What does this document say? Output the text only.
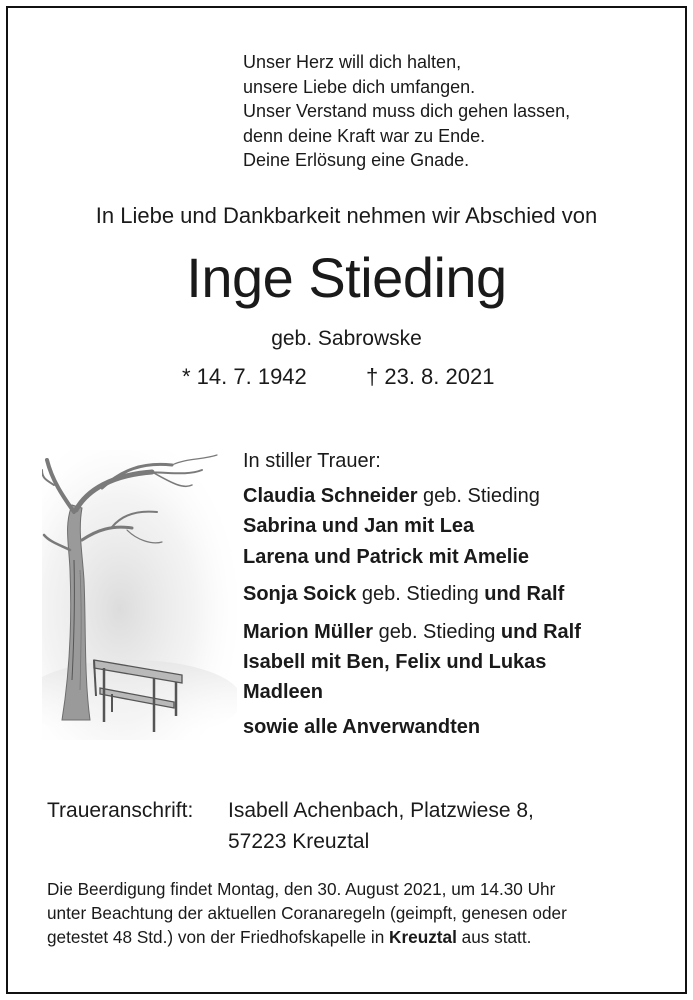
Unser Herz will dich halten,
unsere Liebe dich umfangen.
Unser Verstand muss dich gehen lassen,
denn deine Kraft war zu Ende.
Deine Erlösung eine Gnade.
In Liebe und Dankbarkeit nehmen wir Abschied von
Inge Stieding
geb. Sabrowske
* 14. 7. 1942	† 23. 8. 2021
In stiller Trauer:
Claudia Schneider geb. Stieding
Sabrina und Jan mit Lea
Larena und Patrick mit Amelie
Sonja Soick geb. Stieding und Ralf
Marion Müller geb. Stieding und Ralf
Isabell mit Ben, Felix und Lukas
Madleen
sowie alle Anverwandten
Traueranschrift: Isabell Achenbach, Platzwiese 8,
57223 Kreuztal
Die Beerdigung findet Montag, den 30. August 2021, um 14.30 Uhr
unter Beachtung der aktuellen Coranaregeln (geimpft, genesen oder
getestet 48 Std.) von der Friedhofskapelle in Kreuztal aus statt.
